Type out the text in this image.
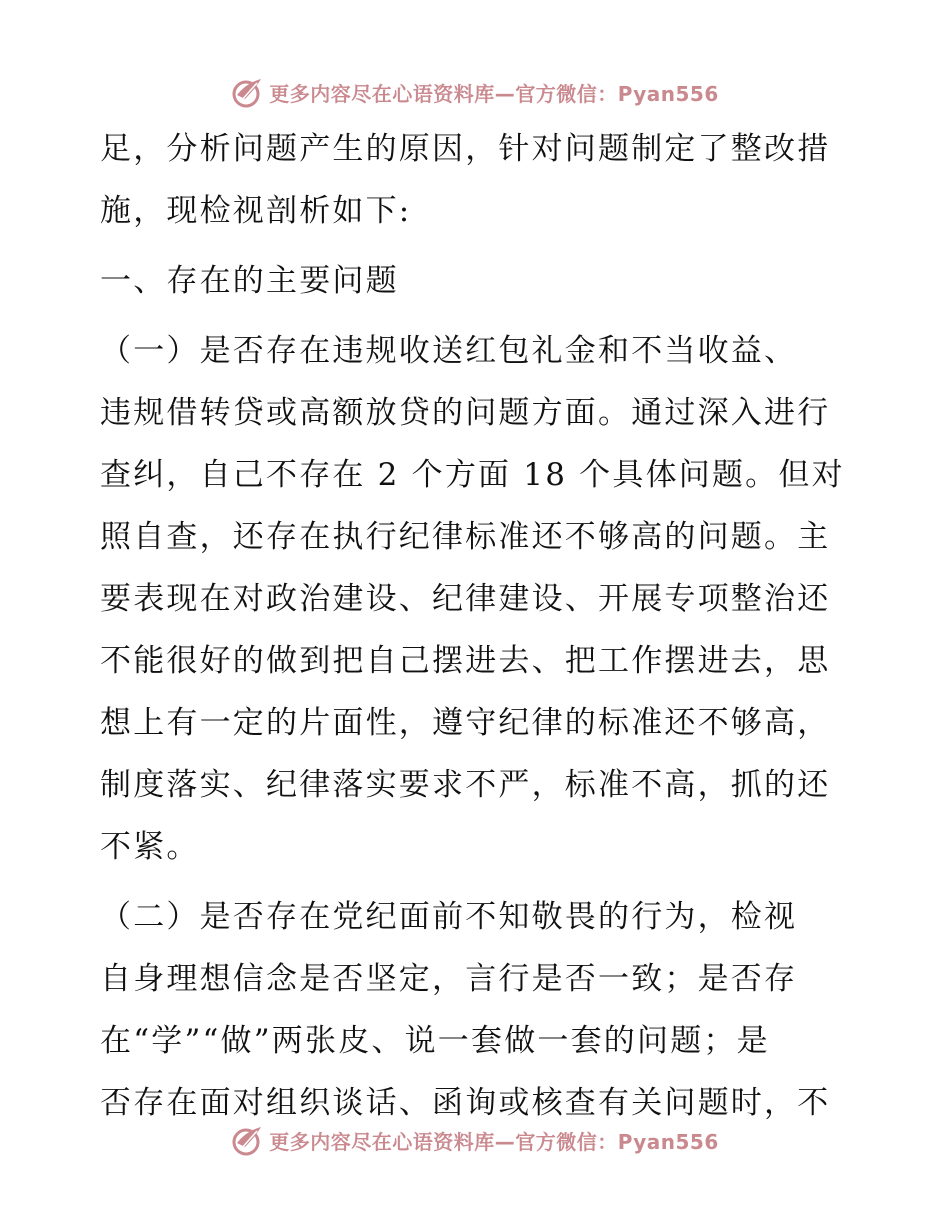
更多内容尽在心语资料库—官方微信：Pyan556
足，分析问题产生的原因，针对问题制定了整改措
施，现检视剖析如下:
一、存在的主要问题
（一）是否存在违规收送红包礼金和不当收益、
违规借转贷或高额放贷的问题方面。通过深入进行
查纠，自己不存在 2 个方面 18 个具体问题。但对
照自查，还存在执行纪律标准还不够高的问题。主
要表现在对政治建设、纪律建设、开展专项整治还
不能很好的做到把自己摆进去、把工作摆进去，思
想上有一定的片面性，遵守纪律的标准还不够高，
制度落实、纪律落实要求不严，标准不高，抓的还
不紧。
（二）是否存在党纪面前不知敬畏的行为，检视
自身理想信念是否坚定，言行是否一致；是否存
在“学”“做”两张皮、说一套做一套的问题；是
否存在面对组织谈话、函询或核查有关问题时，不
更多内容尽在心语资料库—官方微信：Pyan556
